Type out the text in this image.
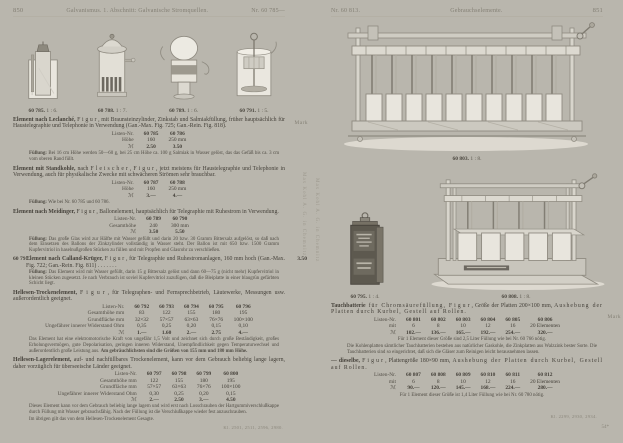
850	Galvanismus. 1. Abschnitt: Galvanische Stromquellen.	Nr. 60 785—
60 785. 1 : 6.	60 788. 1 : 7.	60 789. 1 : 6.	60 791. 1 : 5.
Mark

Element nach Leclanché, F i g u r , mit Braunsteinzylinder, Zinkstab und Salmiakfüllung, früher hauptsächlich für Haustelegraphie und Telephonie in Verwendung (Gan.-Max. Fig. 725; Gan.-Rein. Fig. 818).

Listen-Nr.	60 785	60 786
Höhe	160	250 mm
ℳ	2.50	3.50

Füllung: Bei 16 cm Höhe werden 50—60 g, bei 25 cm Höhe ca. 100 g Salmiak in Wasser gelöst, das das Gefäß bis ca. 3 cm vom oberen Rand füllt.

Element mit Standkohle, nach F l e i s c h e r , F i g u r , jetzt meistens für Haustelegraphie und Telephonie in Verwendung, auch für physikalische Zwecke mit schwächeren Strömen sehr brauchbar.

Listen-Nr.	60 787	60 788
Höhe	160	250 mm
ℳ	3.—	4.—

Füllung: Wie bei Nr. 60 785 und 60 786.

Element nach Meidinger, F i g u r , Ballonelement, hauptsächlich für Telegraphie mit Ruhestrom in Verwendung.

Listen-Nr.	60 789	60 790
Gesamthöhe	240	300 mm
ℳ	3.50	5.50

Füllung: Das große Glas wird zur Hälfte mit Wasser gefüllt und darin 20 bzw. 30 Gramm Bittersalz aufgelöst, so daß nach dem Einsetzen des Ballons der Zinkzylinder vollständig in Wasser steht. Der Ballon ist mit 650 bzw. 1500 Gramm Kupfervitriol in haselnußgroßen Stücken zu füllen und mit Propfen und Glasrohr zu verschließen.

60 791.
Element nach Calland-Krüger, F i g u r , für Telegraphie und Ruhestromanlagen, 160 mm hoch (Gan.-Max. Fig. 722; Gan.-Rein. Fig. 811) . . . . . . .
3.50

Füllung: Das Element wird mit Wasser gefüllt, darin 15 g Bittersalz gelöst und dann 60—75 g (nicht mehr) Kupfervitriol in kleinen Stücken zugesetzt. Je nach Verbrauch ist soviel Kupfervitriol zuzufügen, daß die Bleiplatte in einer blaugrün gefärbten Schicht liegt.

Hellesen-Trockenelement, F i g u r , für Telegraphen- und Fernsprechbetrieb, Läutewerke, Messungen usw. außerordentlich geeignet.

Listen-Nr.	60 792	60 793	60 794	60 795	60 796
Gesamthöhe mm	83	122	155	180	195
Grundfläche mm	32×32	57×57	63×63	76×76	100×100
Ungefährer innerer Widerstand Ohm	0,35	0,25	0,20	0,15	0,10
ℳ	1.—	1.60	2.—	2.75	4.—

Das Element hat eine elektromotorische Kraft von ungefähr 1,5 Volt und zeichnet sich durch große Beständigkeit, großes Erholungsvermögen, gute Depolarisation, geringen inneren Widerstand, Unempfindlichkeit gegen Temperaturwechsel und außerordentlich große Leistung aus. Am gebräuchlichsten sind die Größen von 155 mm und 180 mm Höhe.

Hellesen-Lagerelement, auf- und nachfüllbares Trockenelement, kann vor dem Gebrauch beliebig lange lagern, daher vorzüglich für überseeische Länder geeignet.

Listen-Nr.	60 797	60 798	60 799	60 800
Gesamthöhe mm	122	155	180	195
Grundfläche mm	57×57	63×63	76×76	100×100
Ungefährer innerer Widerstand Ohm	0,30	0,25	0,20	0,15
ℳ	2.—	2.50	3.—	4.50

Dieses Element kann vor dem Gebrauch beliebig lange lagern und wird erst nach Losschrauben der Hartgummiverschlußkappe durch Füllung mit Wasser gebrauchsfähig. Nach der Füllung ist die Verschlußkappe wieder fest anzuschrauben.

Im übrigen gilt das von dem Hellesen-Trockenelement Gesagte.

Kl. 2501, 2511, 2596, 2980.
Max Kohl A. G. in Chemnitz
Nr. 60 813.	Gebrauchselemente.	851
60 803. 1 : 8.
60 795. 1 : 4.	60 808. 1 : 8.
Mark

Tauchbatterie für Chromsäurefüllung, F i g u r , Größe der Platten 200×100 mm, Aushebung der Platten durch Kurbel, Gestell auf Rollen.

Listen-Nr.	60 801	60 802	60 803	60 804	60 805	60 806
mit	6	8	10	12	16	20 Elementen
ℳ	102.—	136.—	165.—	192.—	254.—	320.—

Für 1 Element dieser Größe sind 2,5 Liter Füllung wie bei Nr. 60 766 nötig.

Die Kohlenplatten sämtlicher Tauchbatterien bestehen aus natürlicher Gaskohle, die Zinkplatten aus Walzzink bester Sorte. Die Tauchbatterien sind so eingerichtet, daß sich die Gläser zum Reinigen leicht herausnehmen lassen.

— dieselbe, F i g u r , Plattengröße 180×90 mm, Aushebung der Platten durch Kurbel, Gestell auf Rollen.

Listen-Nr.	60 807	60 808	60 809	60 810	60 811	60 812
mit	6	8	10	12	16	20 Elementen
ℳ	90.—	120.—	145.—	168.—	224.—	280.—

Für 1 Element dieser Größe ist 1,4 Liter Füllung wie bei Nr. 60 780 nötig.

Kl. 2299, 2930, 2934.
54*
Max Kohl A. G. in Chemnitz
